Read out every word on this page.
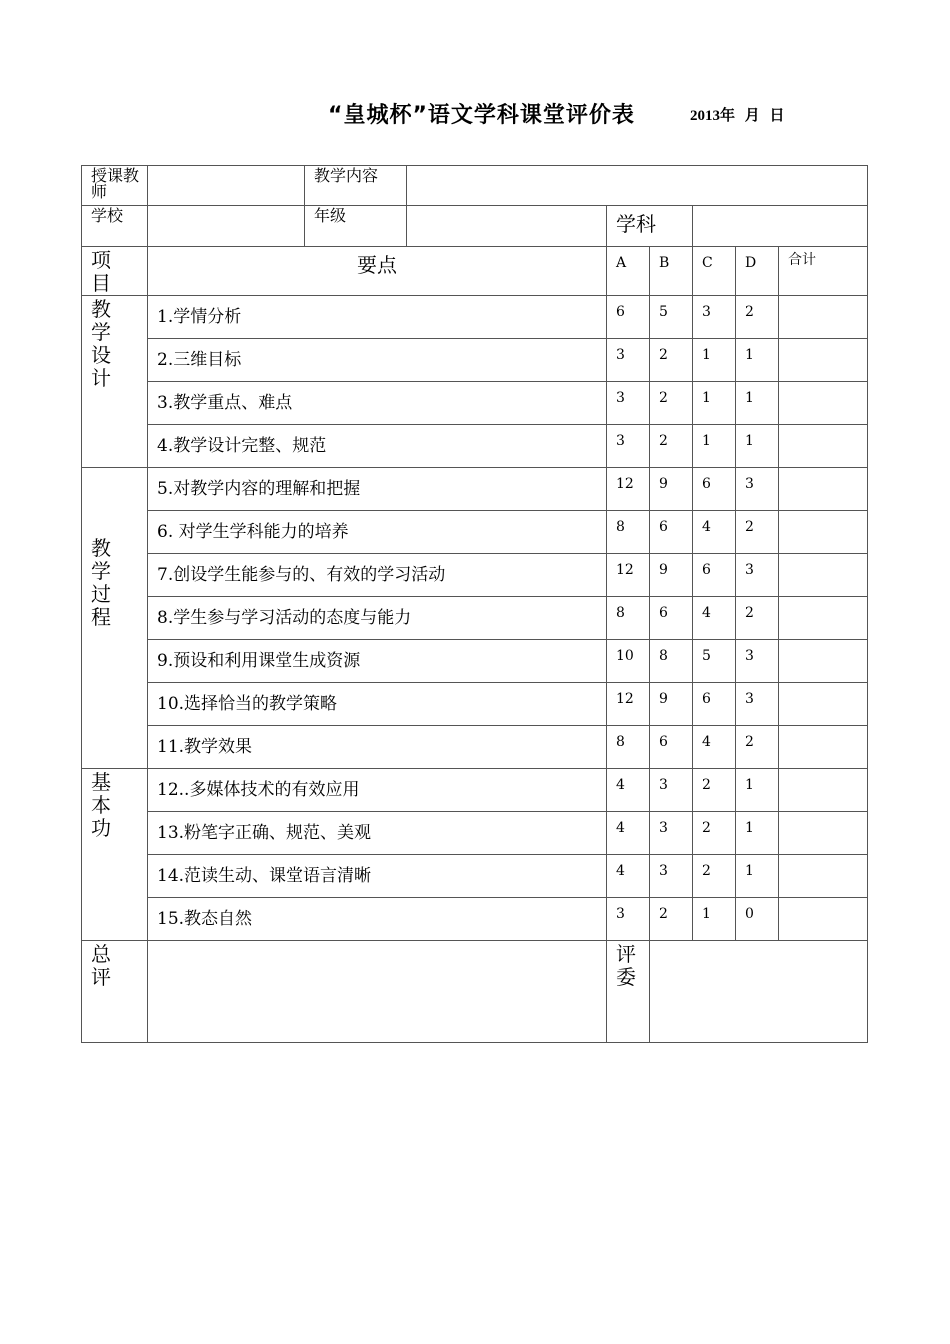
“皇城杯”语文学科课堂评价表	2013年 月 日
授课教师		教学内容						
学校		年级		学科				

项目	要点			A	B	C	D	合计

教学设计	1.学情分析			6	5	3	2	
	2.三维目标			3	2	1	1	
	3.教学重点、难点			3	2	1	1	
	4.教学设计完整、规范			3	2	1	1	

教学过程	5.对教学内容的理解和把握			12	9	6	3	
	6. 对学生学科能力的培养			8	6	4	2	
	7.创设学生能参与的、有效的学习活动			12	9	6	3	
	8.学生参与学习活动的态度与能力			8	6	4	2	
	9.预设和利用课堂生成资源			10	8	5	3	
	10.选择恰当的教学策略			12	9	6	3	
	11.教学效果			8	6	4	2	

基本功	12..多媒体技术的有效应用			4	3	2	1	
	13.粉笔字正确、规范、美观			4	3	2	1	
	14.范读生动、课堂语言清晰			4	3	2	1	
	15.教态自然			3	2	1	0	

总评				评委				
